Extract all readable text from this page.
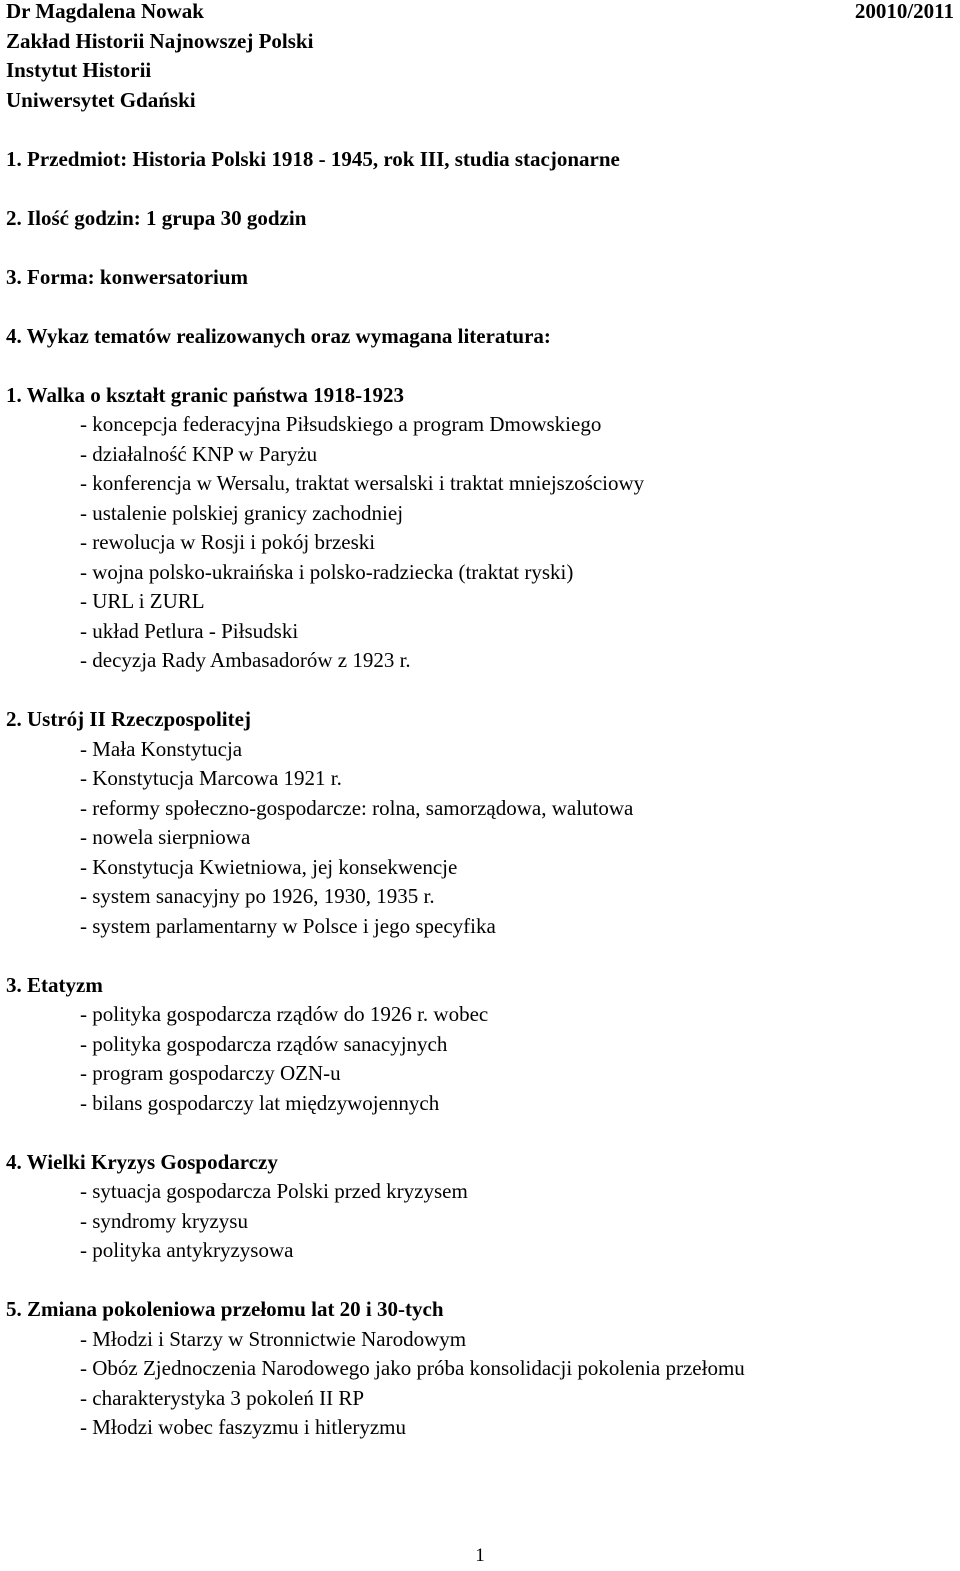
Dr Magdalena Nowak
Zakład Historii Najnowszej Polski
Instytut Historii
Uniwersytet Gdański
20010/2011
1. Przedmiot: Historia Polski 1918 - 1945, rok III, studia stacjonarne
2. Ilość godzin: 1 grupa 30 godzin
3. Forma: konwersatorium
4. Wykaz tematów realizowanych oraz wymagana literatura:
1. Walka o kształt granic państwa 1918-1923
- koncepcja federacyjna Piłsudskiego a program Dmowskiego
- działalność KNP w Paryżu
- konferencja w Wersalu, traktat wersalski i traktat mniejszościowy
- ustalenie polskiej granicy zachodniej
- rewolucja w Rosji i pokój brzeski
- wojna polsko-ukraińska i polsko-radziecka (traktat ryski)
- URL i ZURL
- układ Petlura - Piłsudski
- decyzja Rady Ambasadorów z 1923 r.
2. Ustrój II Rzeczpospolitej
- Mała Konstytucja
- Konstytucja Marcowa 1921 r.
- reformy społeczno-gospodarcze: rolna, samorządowa, walutowa
- nowela sierpniowa
- Konstytucja Kwietniowa, jej konsekwencje
- system sanacyjny po 1926, 1930, 1935 r.
- system parlamentarny w Polsce i jego specyfika
3. Etatyzm
- polityka gospodarcza rządów do 1926 r. wobec
- polityka gospodarcza rządów sanacyjnych
- program gospodarczy OZN-u
- bilans gospodarczy lat międzywojennych
4. Wielki Kryzys Gospodarczy
- sytuacja gospodarcza Polski przed kryzysem
- syndromy kryzysu
- polityka antykryzysowa
5. Zmiana pokoleniowa przełomu lat 20 i 30-tych
- Młodzi i Starzy w Stronnictwie Narodowym
- Obóz Zjednoczenia Narodowego jako próba konsolidacji pokolenia przełomu
- charakterystyka 3 pokoleń II RP
- Młodzi wobec faszyzmu i hitleryzmu
1
